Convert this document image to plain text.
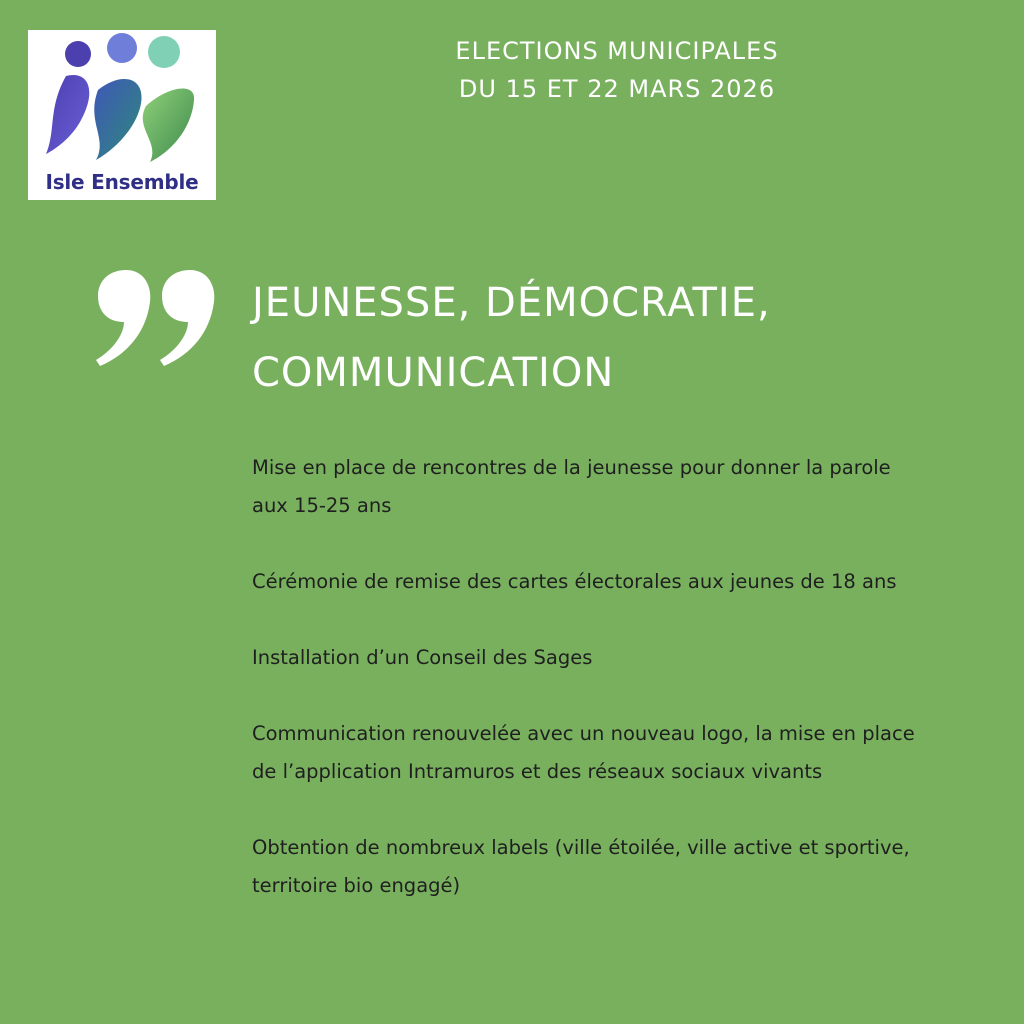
Isle Ensemble
ELECTIONS MUNICIPALES
DU 15 ET 22 MARS 2026
JEUNESSE, DÉMOCRATIE,
COMMUNICATION
Mise en place de rencontres de la jeunesse pour donner la parole aux 15-25 ans
Cérémonie de remise des cartes électorales aux jeunes de 18 ans
Installation d’un Conseil des Sages
Communication renouvelée avec un nouveau logo, la mise en place de l’application Intramuros et des réseaux sociaux vivants
Obtention de nombreux labels (ville étoilée, ville active et sportive, territoire bio engagé)
